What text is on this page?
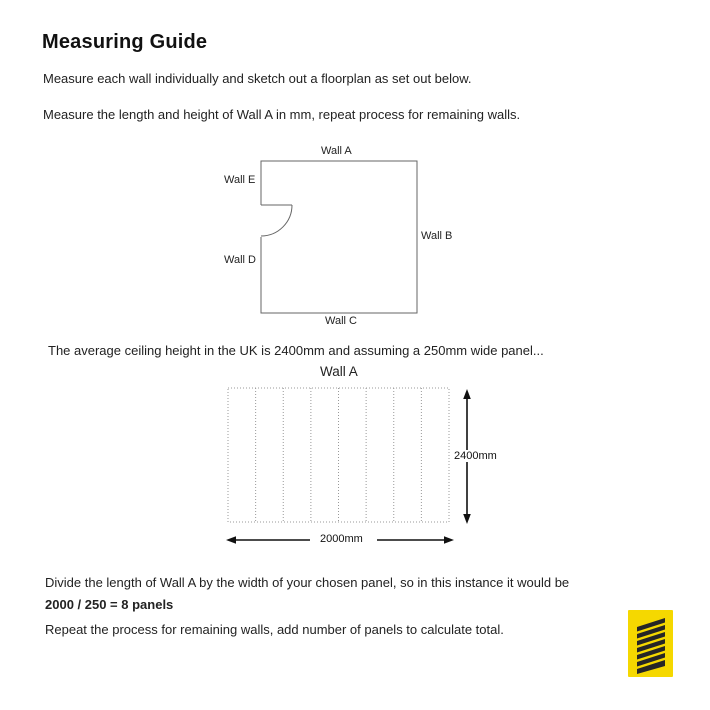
Measuring Guide

Measure each wall individually and sketch out a floorplan as set out below.

Measure the length and height of Wall A in mm, repeat process for remaining walls.

Wall A
Wall E
Wall B
Wall D
Wall C

The average ceiling height in the UK is 2400mm and assuming a 250mm wide panel...

Wall A
2400mm
2000mm

Divide the length of Wall A by the width of your chosen panel, so in this instance it would be

2000 / 250 = 8 panels

Repeat the process for remaining walls, add number of panels to calculate total.
